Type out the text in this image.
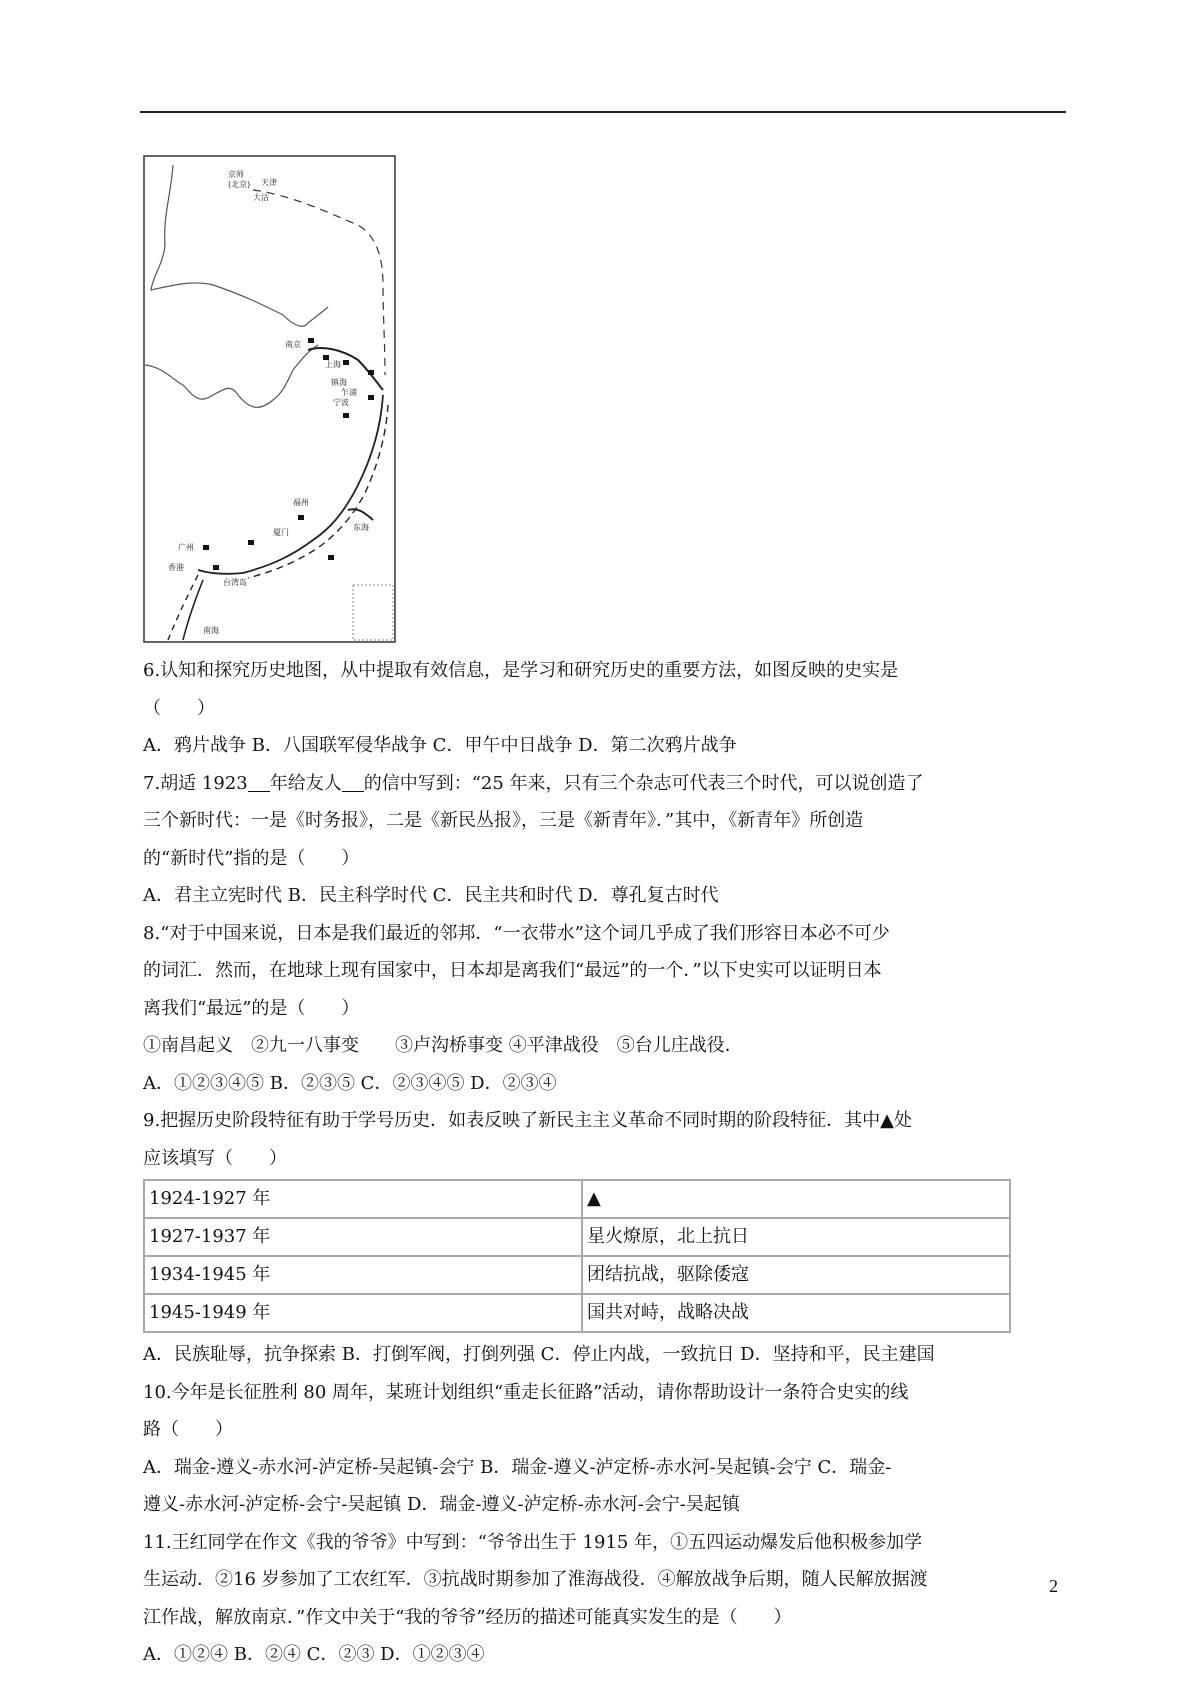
京师
(北京) 天津
大沽
南京
上海
镇海
宁波
乍浦
福州
厦门
广州
香港
台湾岛
东海
南海
6.认知和探究历史地图，从中提取有效信息，是学习和研究历史的重要方法，如图反映的史实是
（　　）
A．鸦片战争 B．八国联军侵华战争 C．甲午中日战争 D．第二次鸦片战争
7.胡适 1923 年给友人 的信中写到：“25 年来，只有三个杂志可代表三个时代，可以说创造了
三个新时代：一是《时务报》，二是《新民丛报》，三是《新青年》．”其中，《新青年》所创造
的“新时代”指的是（　　）
A．君主立宪时代 B．民主科学时代 C．民主共和时代 D．尊孔复古时代
8.“对于中国来说，日本是我们最近的邻邦．“一衣带水”这个词几乎成了我们形容日本必不可少
的词汇．然而，在地球上现有国家中，日本却是离我们“最远”的一个．”以下史实可以证明日本
离我们“最远”的是（　　）
①南昌起义　②九一八事变　　③卢沟桥事变 ④平津战役　⑤台儿庄战役．
A．①②③④⑤ B．②③⑤ C．②③④⑤ D．②③④
9.把握历史阶段特征有助于学号历史．如表反映了新民主主义革命不同时期的阶段特征．其中▲处
应该填写（　　）
1924-1927 年	▲
1927-1937 年	星火燎原，北上抗日
1934-1945 年	团结抗战，驱除倭寇
1945-1949 年	国共对峙，战略决战
A．民族耻辱，抗争探索 B．打倒军阀，打倒列强 C．停止内战，一致抗日 D．坚持和平，民主建国
10.今年是长征胜利 80 周年，某班计划组织“重走长征路”活动，请你帮助设计一条符合史实的线
路（　　）
A．瑞金-遵义-赤水河-泸定桥-吴起镇-会宁 B．瑞金-遵义-泸定桥-赤水河-吴起镇-会宁 C．瑞金-
遵义-赤水河-泸定桥-会宁-吴起镇 D．瑞金-遵义-泸定桥-赤水河-会宁-吴起镇
11.王红同学在作文《我的爷爷》中写到：“爷爷出生于 1915 年，①五四运动爆发后他积极参加学
生运动．②16 岁参加了工农红军．③抗战时期参加了淮海战役．④解放战争后期，随人民解放据渡
江作战，解放南京．”作文中关于“我的爷爷”经历的描述可能真实发生的是（　　）
A．①②④ B．②④ C．②③ D．①②③④
2
